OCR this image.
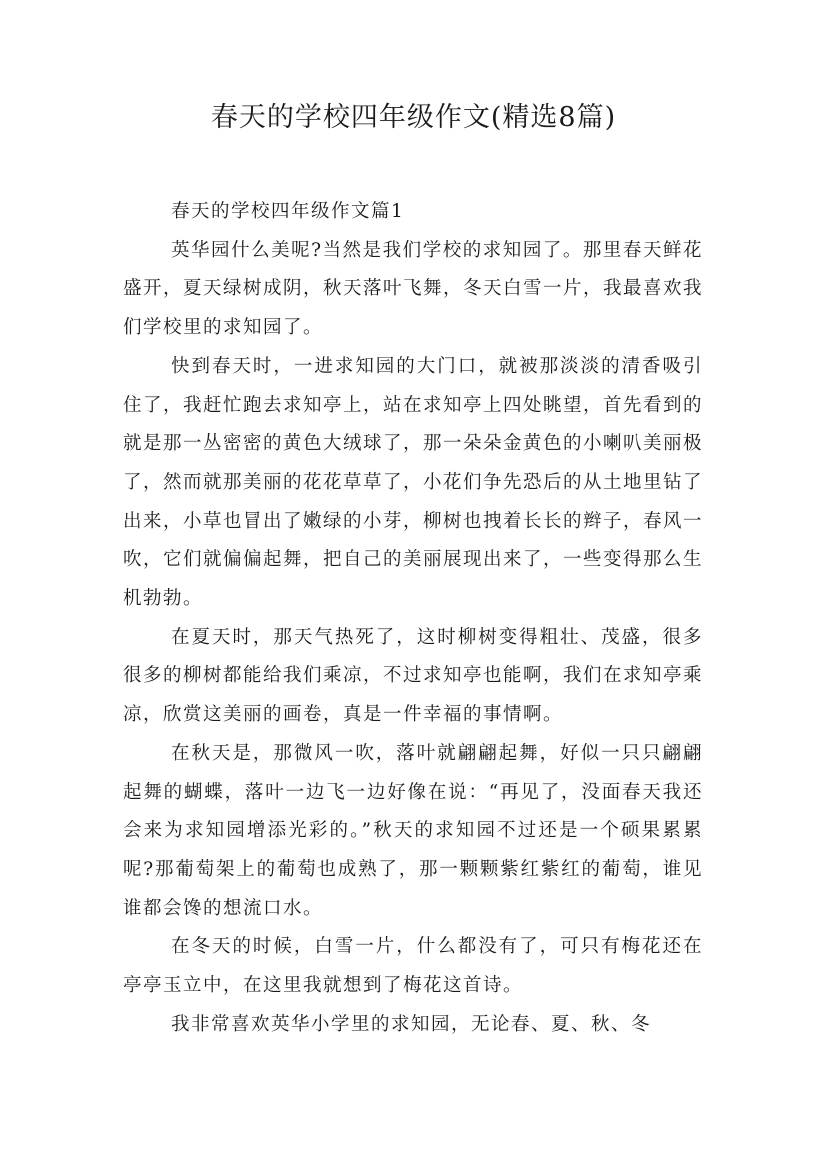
春天的学校四年级作文(精选8篇)
春天的学校四年级作文篇1

英华园什么美呢?当然是我们学校的求知园了。那里春天鲜花盛开，夏天绿树成阴，秋天落叶飞舞，冬天白雪一片，我最喜欢我们学校里的求知园了。

快到春天时，一进求知园的大门口，就被那淡淡的清香吸引住了，我赶忙跑去求知亭上，站在求知亭上四处眺望，首先看到的就是那一丛密密的黄色大绒球了，那一朵朵金黄色的小喇叭美丽极了，然而就那美丽的花花草草了，小花们争先恐后的从土地里钻了出来，小草也冒出了嫩绿的小芽，柳树也拽着长长的辫子，春风一吹，它们就偏偏起舞，把自己的美丽展现出来了，一些变得那么生机勃勃。

在夏天时，那天气热死了，这时柳树变得粗壮、茂盛，很多很多的柳树都能给我们乘凉，不过求知亭也能啊，我们在求知亭乘凉，欣赏这美丽的画卷，真是一件幸福的事情啊。

在秋天是，那微风一吹，落叶就翩翩起舞，好似一只只翩翩起舞的蝴蝶，落叶一边飞一边好像在说：“再见了，没面春天我还会来为求知园增添光彩的。”秋天的求知园不过还是一个硕果累累呢?那葡萄架上的葡萄也成熟了，那一颗颗紫红紫红的葡萄，谁见谁都会馋的想流口水。

在冬天的时候，白雪一片，什么都没有了，可只有梅花还在亭亭玉立中，在这里我就想到了梅花这首诗。

我非常喜欢英华小学里的求知园，无论春、夏、秋、冬
